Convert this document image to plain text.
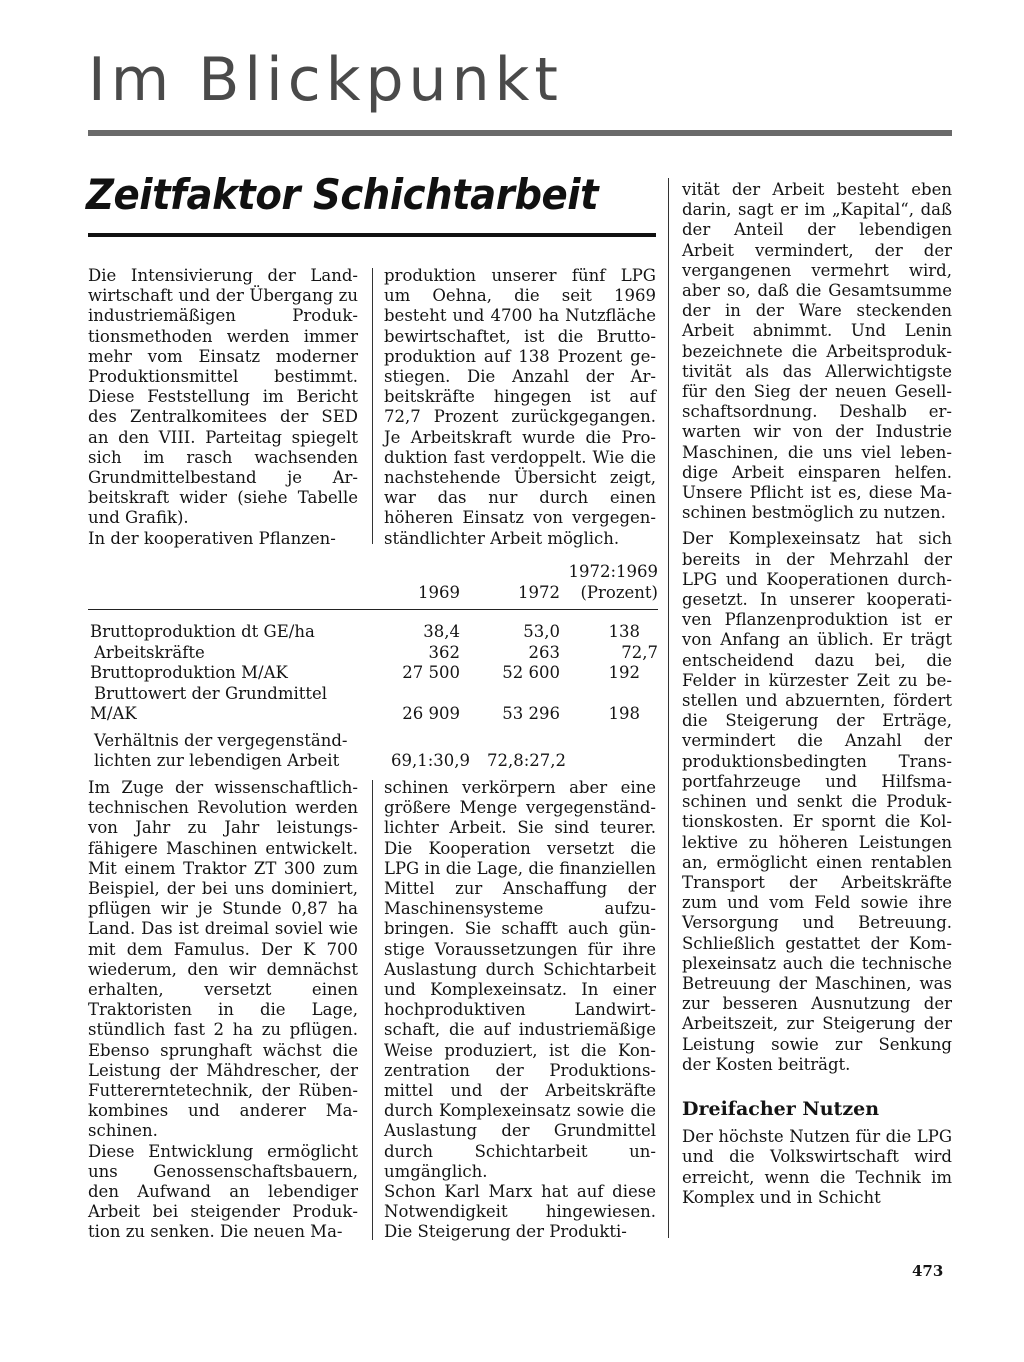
Im Blickpunkt
Zeitfaktor Schichtarbeit

Die Intensivierung der Landwirtschaft und der Übergang zu industriemäßigen Produktionsmethoden werden immer mehr vom Einsatz moderner Produktionsmittel bestimmt. Diese Feststellung im Bericht des Zentralkomitees der SED an den VIII. Parteitag spiegelt sich im rasch wachsenden Grundmittelbestand je Arbeitskraft wider (siehe Tabelle und Grafik).

In der kooperativen Pflanzen-

produktion unserer fünf LPG um Oehna, die seit 1969 besteht und 4700 ha Nutzfläche bewirtschaftet, ist die Bruttoproduktion auf 138 Prozent gestiegen. Die Anzahl der Arbeitskräfte hingegen ist auf 72,7 Prozent zurückgegangen. Je Arbeitskraft wurde die Produktion fast verdoppelt. Wie die nachstehende Übersicht zeigt, war das nur durch einen höheren Einsatz von vergegenständlichter Arbeit möglich.

			1972:1969
	1969	1972	(Prozent)

Bruttoproduktion dt GE/ha	38,4	53,0	138
Arbeitskräfte	362	263	72,7
Bruttoproduktion M/AK	27 500	52 600	192
Bruttowert der Grundmittel			
M/AK	26 909	53 296	198
Verhältnis der vergegenständ-			
lichten zur lebendigen Arbeit	69,1:30,9	72,8:27,2	

Im Zuge der wissenschaftlich-technischen Revolution werden von Jahr zu Jahr leistungsfähigere Maschinen entwickelt. Mit einem Traktor ZT 300 zum Beispiel, der bei uns dominiert, pflügen wir je Stunde 0,87 ha Land. Das ist dreimal soviel wie mit dem Famulus. Der K 700 wiederum, den wir demnächst erhalten, versetzt einen Traktoristen in die Lage, stündlich fast 2 ha zu pflügen. Ebenso sprunghaft wächst die Leistung der Mähdrescher, der Futtererntetechnik, der Rübenkombines und anderer Maschinen.

Diese Entwicklung ermöglicht uns Genossenschaftsbauern, den Aufwand an lebendiger Arbeit bei steigender Produktion zu senken. Die neuen Ma-

schinen verkörpern aber eine größere Menge vergegenständlichter Arbeit. Sie sind teurer. Die Kooperation versetzt die LPG in die Lage, die finanziellen Mittel zur Anschaffung der Maschinensysteme aufzubringen. Sie schafft auch günstige Voraussetzungen für ihre Auslastung durch Schichtarbeit und Komplexeinsatz. In einer hochproduktiven Landwirtschaft, die auf industriemäßige Weise produziert, ist die Konzentration der Produktionsmittel und der Arbeitskräfte durch Komplexeinsatz sowie die Auslastung der Grundmittel durch Schichtarbeit unumgänglich.

Schon Karl Marx hat auf diese Notwendigkeit hingewiesen. Die Steigerung der Produkti-

vität der Arbeit besteht eben darin, sagt er im „Kapital“, daß der Anteil der lebendigen Arbeit vermindert, der der vergangenen vermehrt wird, aber so, daß die Gesamtsumme der in der Ware steckenden Arbeit abnimmt. Und Lenin bezeichnete die Arbeitsproduktivität als das Allerwichtigste für den Sieg der neuen Gesellschaftsordnung. Deshalb erwarten wir von der Industrie Maschinen, die uns viel lebendige Arbeit einsparen helfen. Unsere Pflicht ist es, diese Maschinen bestmöglich zu nutzen.

Der Komplexeinsatz hat sich bereits in der Mehrzahl der LPG und Kooperationen durchgesetzt. In unserer kooperativen Pflanzenproduktion ist er von Anfang an üblich. Er trägt entscheidend dazu bei, die Felder in kürzester Zeit zu bestellen und abzuernten, fördert die Steigerung der Erträge, vermindert die Anzahl der produktionsbedingten Transportfahrzeuge und Hilfsmaschinen und senkt die Produktionskosten. Er spornt die Kollektive zu höheren Leistungen an, ermöglicht einen rentablen Transport der Arbeitskräfte zum und vom Feld sowie ihre Versorgung und Betreuung. Schließlich gestattet der Komplexeinsatz auch die technische Betreuung der Maschinen, was zur besseren Ausnutzung der Arbeitszeit, zur Steigerung der Leistung sowie zur Senkung der Kosten beiträgt.

Dreifacher Nutzen

Der höchste Nutzen für die LPG und die Volkswirtschaft wird erreicht, wenn die Technik im Komplex und in Schicht

473
